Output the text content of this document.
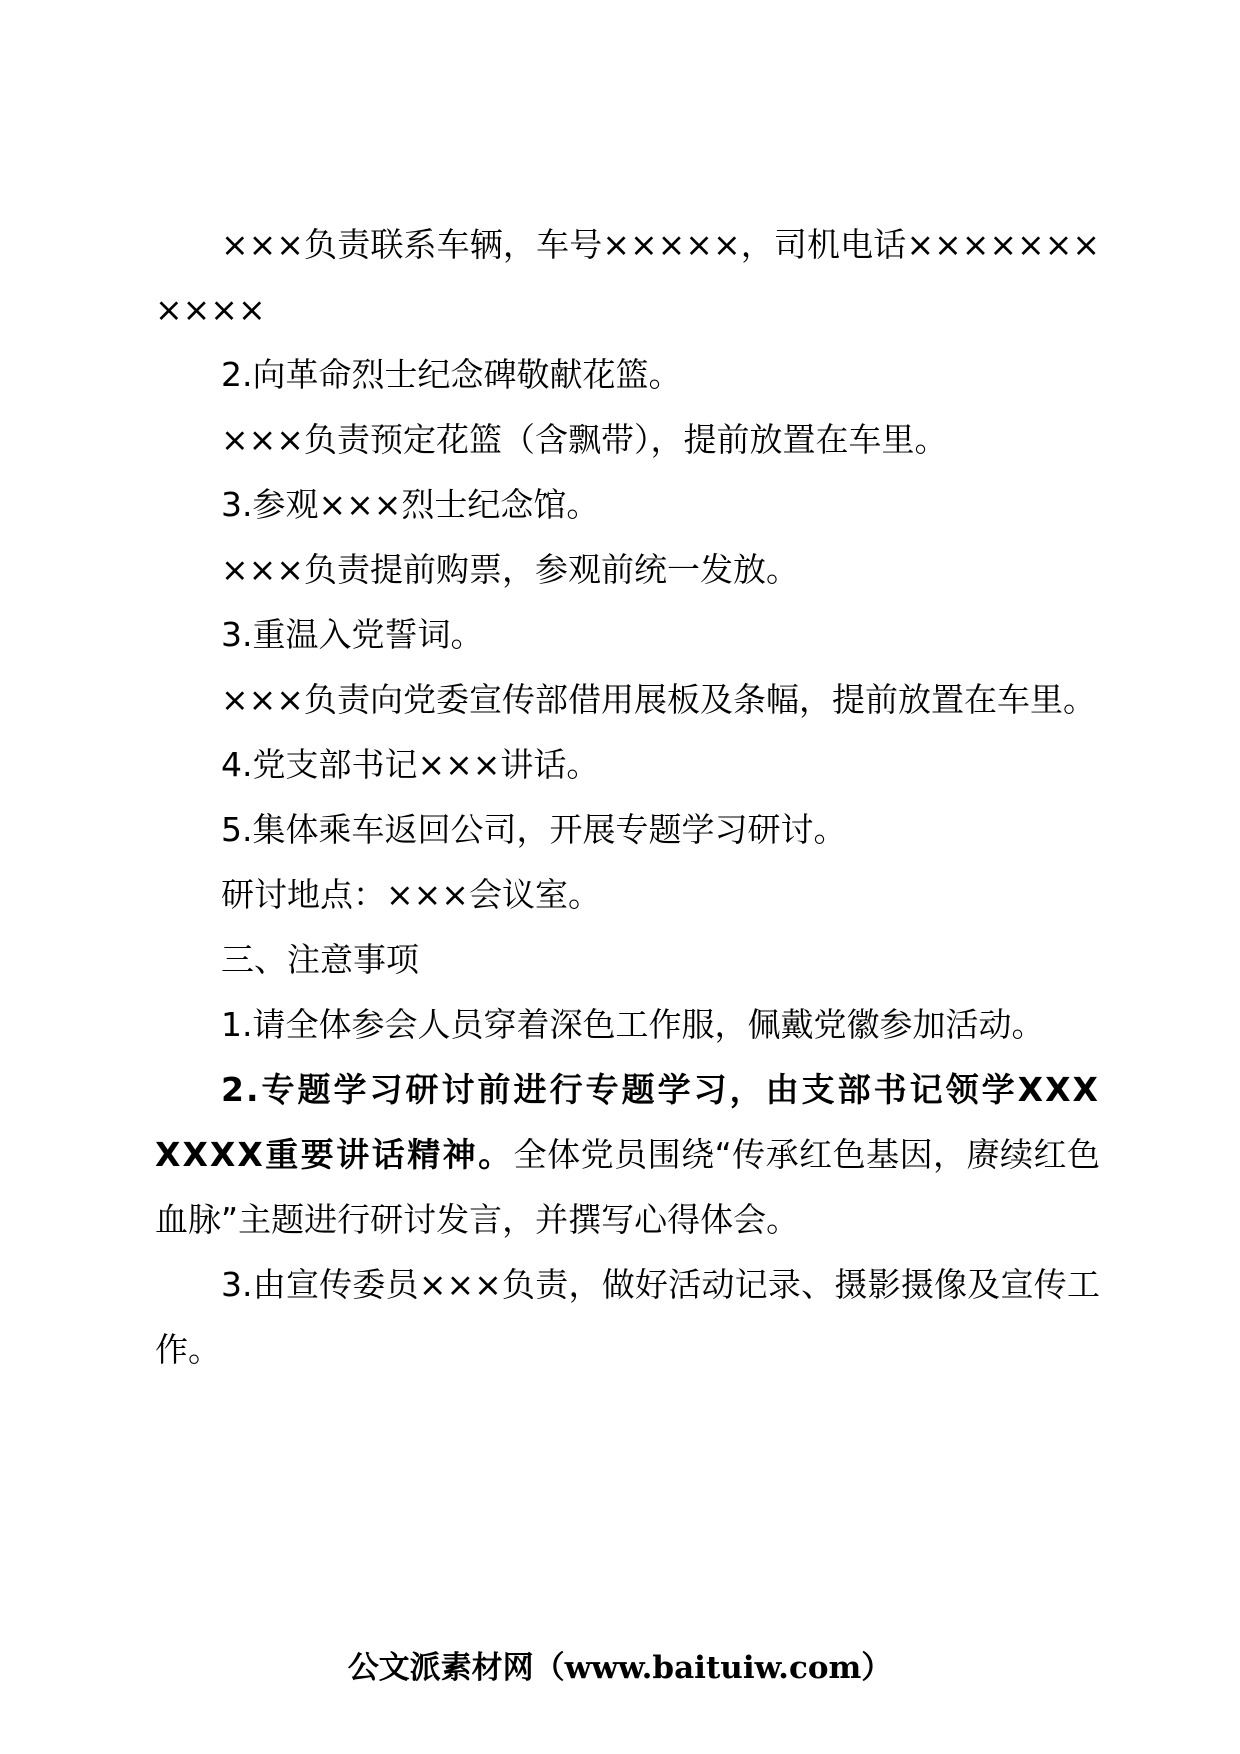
×××负责联系车辆，车号×××××，司机电话×××××××××××

2.向革命烈士纪念碑敬献花篮。

×××负责预定花篮（含飘带），提前放置在车里。

3.参观×××烈士纪念馆。

×××负责提前购票，参观前统一发放。

3.重温入党誓词。

×××负责向党委宣传部借用展板及条幅，提前放置在车里。

4.党支部书记×××讲话。

5.集体乘车返回公司，开展专题学习研讨。

研讨地点：×××会议室。

三、注意事项

1.请全体参会人员穿着深色工作服，佩戴党徽参加活动。

2.专题学习研讨前进行专题学习，由支部书记领学XXXXXXX重要讲话精神。全体党员围绕“传承红色基因，赓续红色血脉”主题进行研讨发言，并撰写心得体会。

3.由宣传委员×××负责，做好活动记录、摄影摄像及宣传工作。

公文派素材网（www.baituiw.com）
